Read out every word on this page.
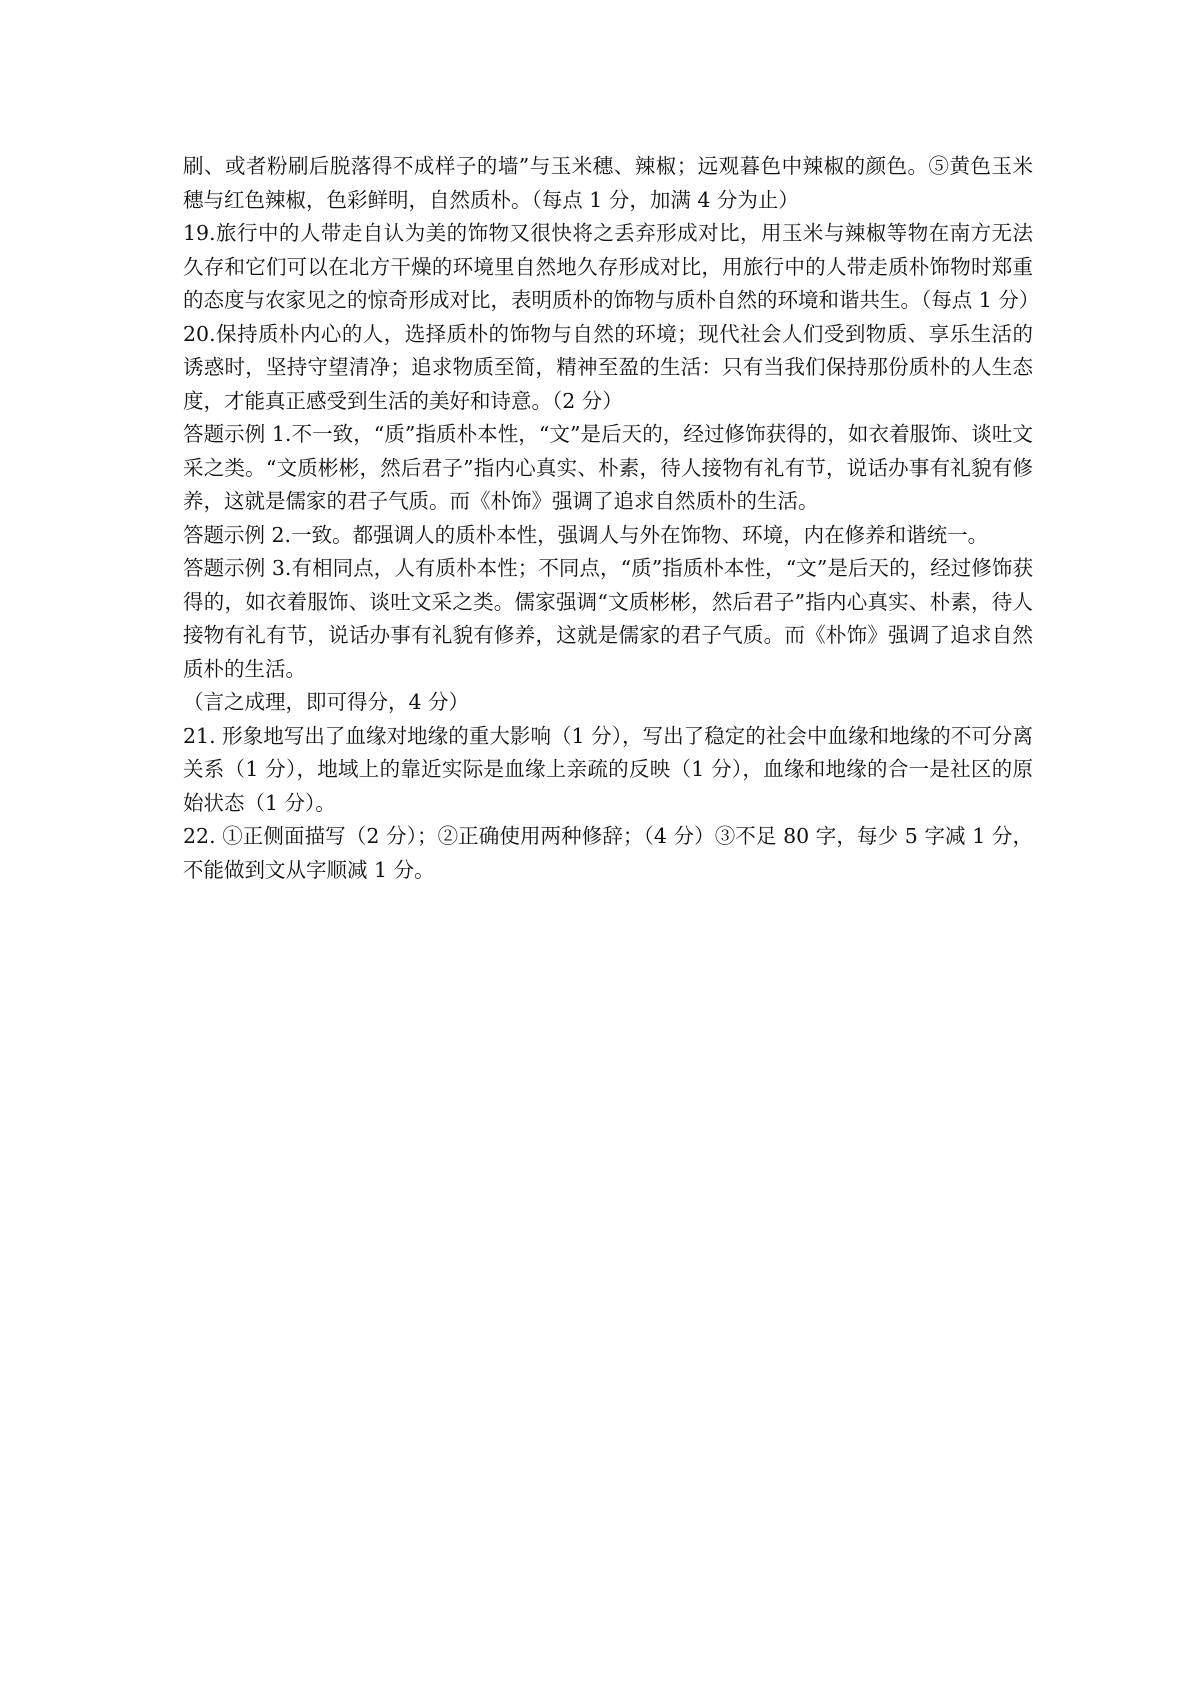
刷、或者粉刷后脱落得不成样子的墙”与玉米穗、辣椒；远观暮色中辣椒的颜色。⑤黄色玉米穗与红色辣椒，色彩鲜明，自然质朴。（每点 1 分，加满 4 分为止）

19.旅行中的人带走自认为美的饰物又很快将之丢弃形成对比，用玉米与辣椒等物在南方无法久存和它们可以在北方干燥的环境里自然地久存形成对比，用旅行中的人带走质朴饰物时郑重的态度与农家见之的惊奇形成对比，表明质朴的饰物与质朴自然的环境和谐共生。（每点 1 分）

20.保持质朴内心的人，选择质朴的饰物与自然的环境；现代社会人们受到物质、享乐生活的诱惑时，坚持守望清净；追求物质至简，精神至盈的生活：只有当我们保持那份质朴的人生态度，才能真正感受到生活的美好和诗意。（2 分）

答题示例 1.不一致，“质”指质朴本性，“文”是后天的，经过修饰获得的，如衣着服饰、谈吐文采之类。“文质彬彬，然后君子”指内心真实、朴素，待人接物有礼有节，说话办事有礼貌有修养，这就是儒家的君子气质。而《朴饰》强调了追求自然质朴的生活。

答题示例 2.一致。都强调人的质朴本性，强调人与外在饰物、环境，内在修养和谐统一。

答题示例 3.有相同点，人有质朴本性；不同点，“质”指质朴本性，“文”是后天的，经过修饰获得的，如衣着服饰、谈吐文采之类。儒家强调“文质彬彬，然后君子”指内心真实、朴素，待人接物有礼有节，说话办事有礼貌有修养，这就是儒家的君子气质。而《朴饰》强调了追求自然质朴的生活。

（言之成理，即可得分，4 分）

21. 形象地写出了血缘对地缘的重大影响（1 分），写出了稳定的社会中血缘和地缘的不可分离关系（1 分），地域上的靠近实际是血缘上亲疏的反映（1 分），血缘和地缘的合一是社区的原始状态（1 分）。

22. ①正侧面描写（2 分）；②正确使用两种修辞；（4 分）③不足 80 字，每少 5 字减 1 分，不能做到文从字顺减 1 分。
